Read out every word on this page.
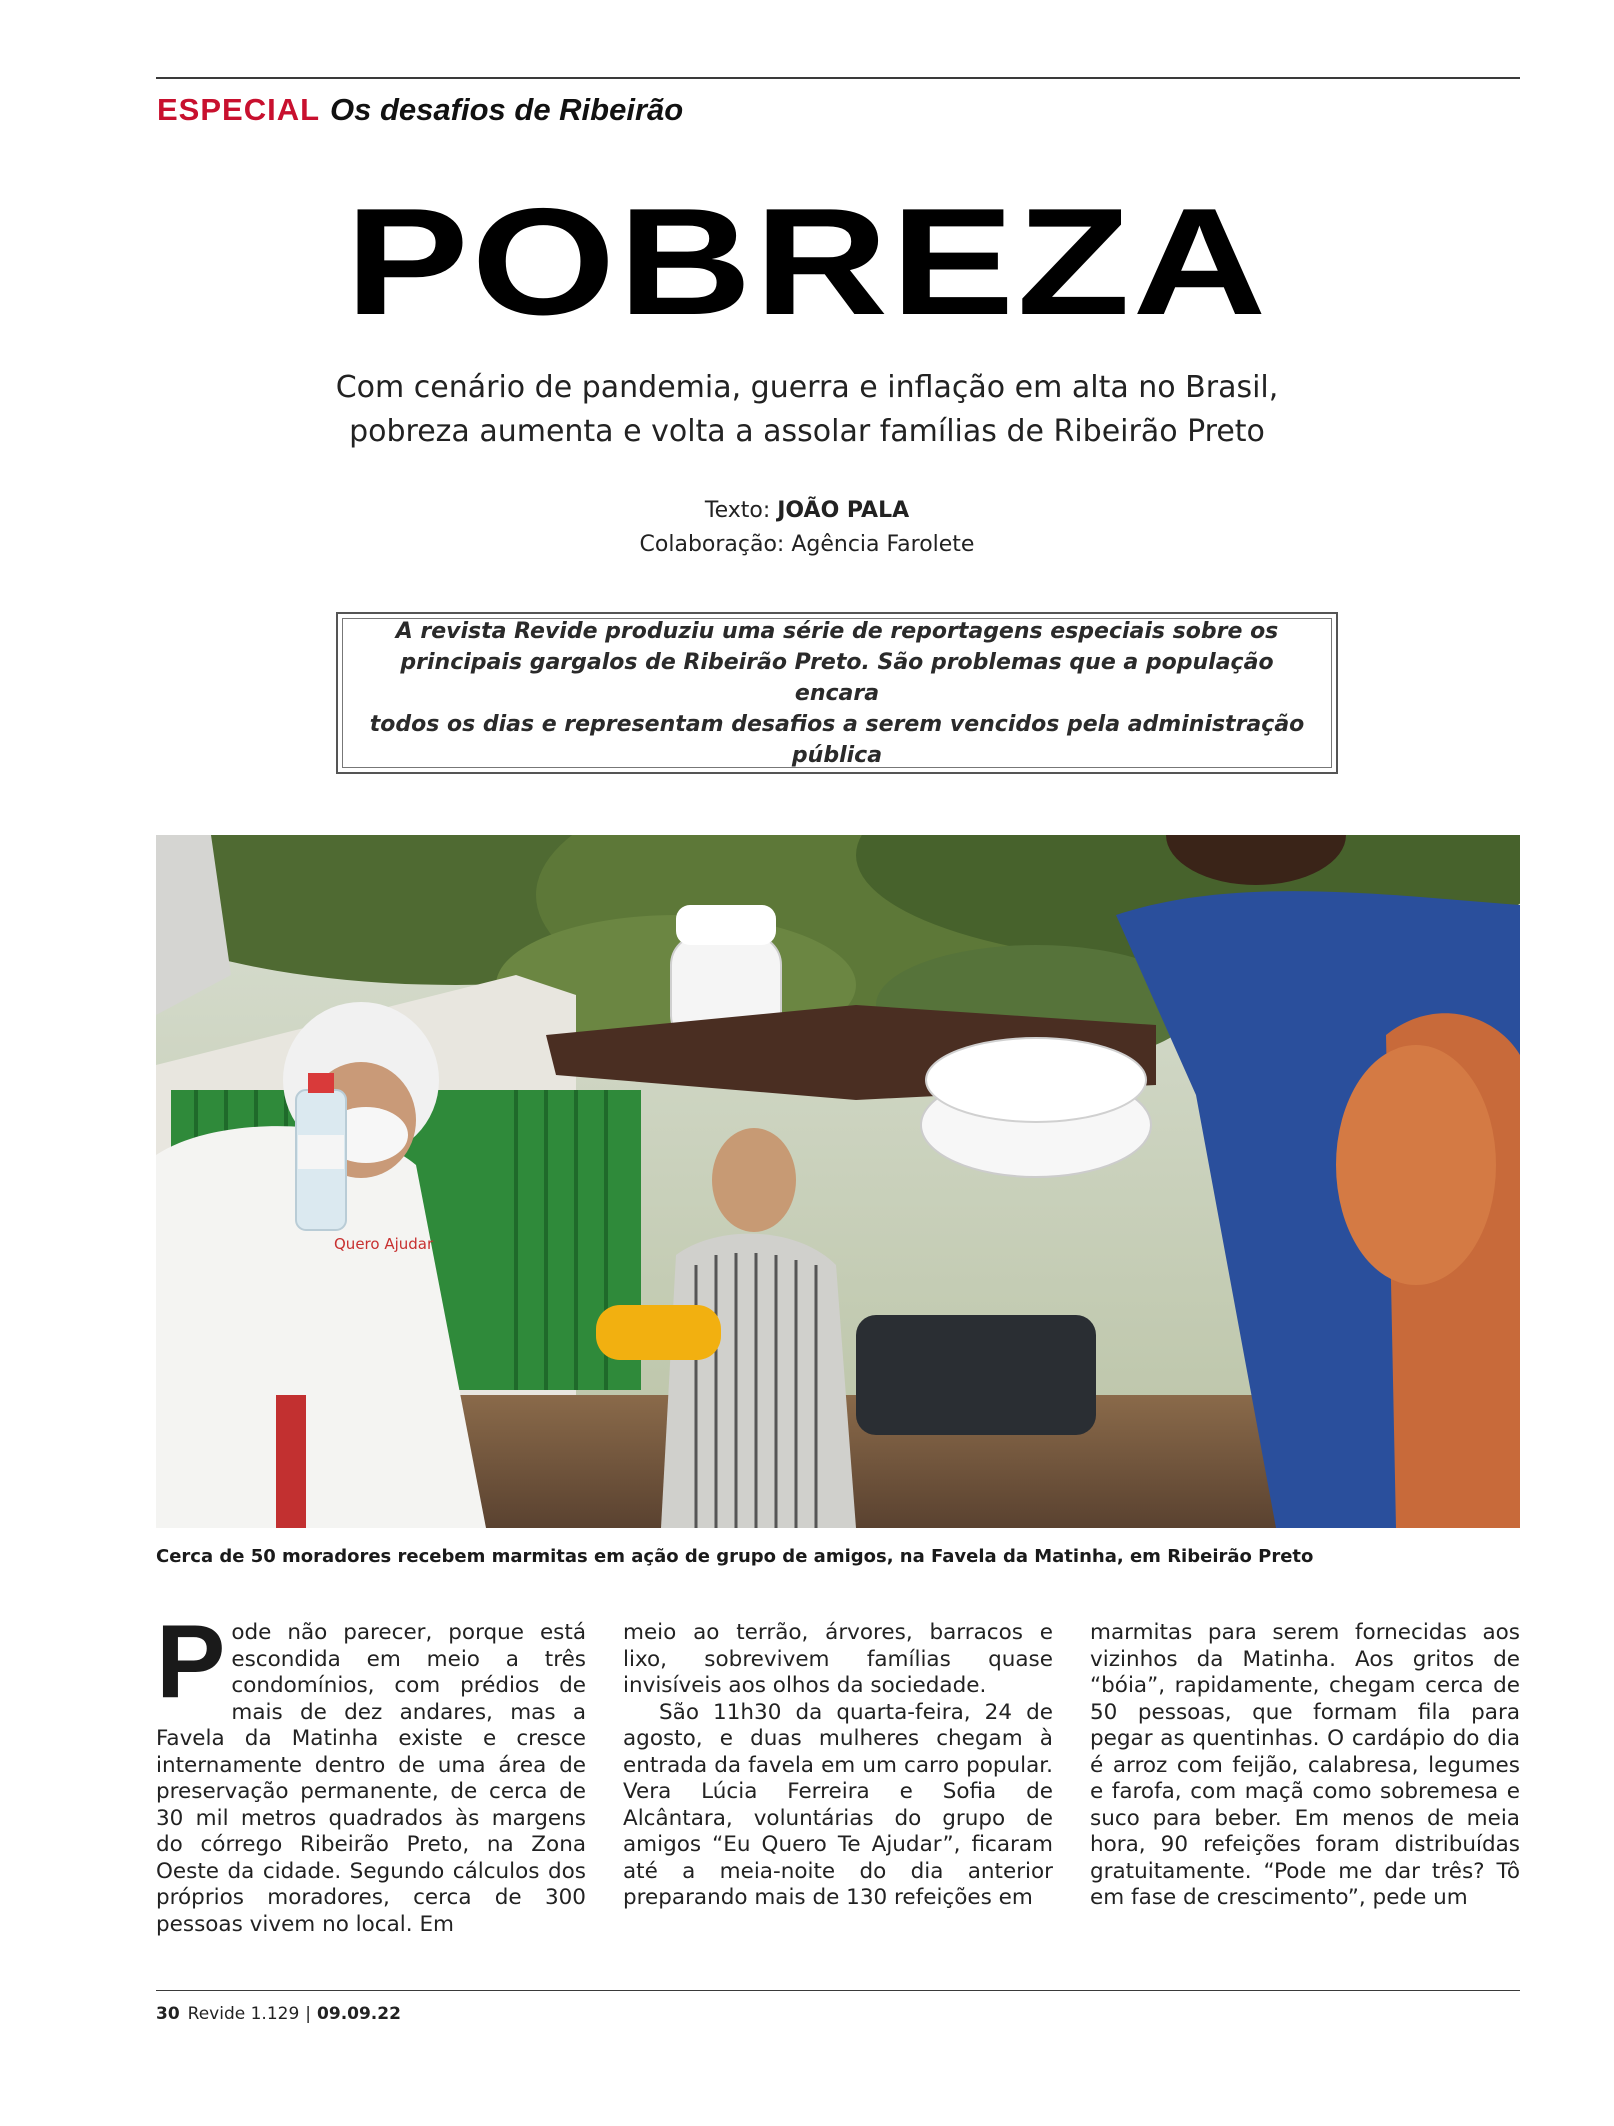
ESPECIAL Os desafios de Ribeirão
POBREZA
Com cenário de pandemia, guerra e inflação em alta no Brasil,
pobreza aumenta e volta a assolar famílias de Ribeirão Preto
Texto: JOÃO PALA
Colaboração: Agência Farolete

A revista Revide produziu uma série de reportagens especiais sobre os
principais gargalos de Ribeirão Preto. São problemas que a população encara
todos os dias e representam desafios a serem vencidos pela administração pública

Quero Ajudar
Cerca de 50 moradores recebem marmitas em ação de grupo de amigos, na Favela da Matinha, em Ribeirão Preto
P ode não parecer, porque está escondida em meio a três condomínios, com prédios de mais de dez andares, mas a Favela da Matinha existe e cresce internamente dentro de uma área de preservação permanente, de cerca de 30 mil metros quadrados às margens do córrego Ribeirão Preto, na Zona Oeste da cidade. Segundo cálculos dos próprios moradores, cerca de 300 pessoas vivem no local. Em

meio ao terrão, árvores, barracos e lixo, sobrevivem famílias quase invisíveis aos olhos da sociedade.

São 11h30 da quarta-feira, 24 de agosto, e duas mulheres chegam à entrada da favela em um carro popular. Vera Lúcia Ferreira e Sofia de Alcântara, voluntárias do grupo de amigos “Eu Quero Te Ajudar”, ficaram até a meia-noite do dia anterior preparando mais de 130 refeições em

marmitas para serem fornecidas aos vizinhos da Matinha. Aos gritos de “bóia”, rapidamente, chegam cerca de 50 pessoas, que formam fila para pegar as quentinhas. O cardápio do dia é arroz com feijão, calabresa, legumes e farofa, com maçã como sobremesa e suco para beber. Em menos de meia hora, 90 refeições foram distribuídas gratuitamente. “Pode me dar três? Tô em fase de crescimento”, pede um

30 Revide 1.129 | 09.09.22
